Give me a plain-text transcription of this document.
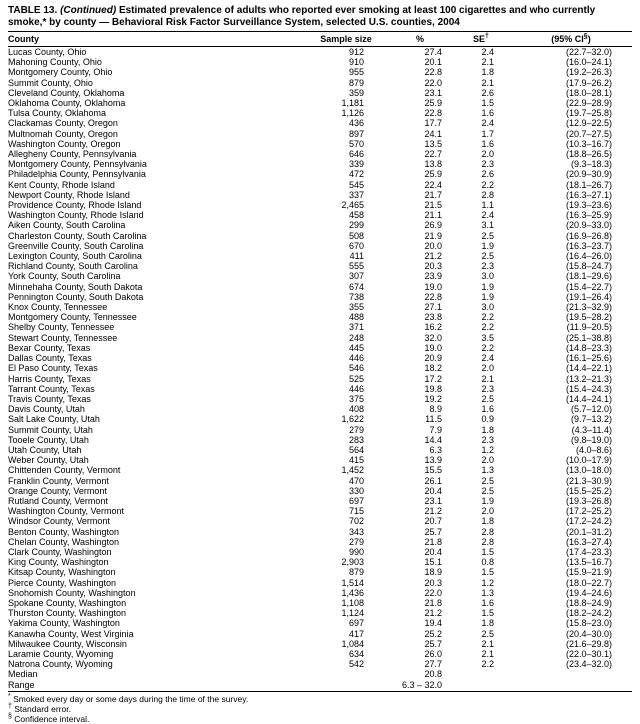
TABLE 13. (Continued) Estimated prevalence of adults who reported ever smoking at least 100 cigarettes and who currently smoke,* by county — Behavioral Risk Factor Surveillance System, selected U.S. counties, 2004
County	Sample size	%	SE†	(95% CI§)
Lucas County, Ohio	912	27.4	2.4	(22.7–32.0)
Mahoning County, Ohio	910	20.1	2.1	(16.0–24.1)
Montgomery County, Ohio	955	22.8	1.8	(19.2–26.3)
Summit County, Ohio	879	22.0	2.1	(17.9–26.2)
Cleveland County, Oklahoma	359	23.1	2.6	(18.0–28.1)
Oklahoma County, Oklahoma	1,181	25.9	1.5	(22.9–28.9)
Tulsa County, Oklahoma	1,126	22.8	1.6	(19.7–25.8)
Clackamas County, Oregon	436	17.7	2.4	(12.9–22.5)
Multnomah County, Oregon	897	24.1	1.7	(20.7–27.5)
Washington County, Oregon	570	13.5	1.6	(10.3–16.7)
Allegheny County, Pennsylvania	646	22.7	2.0	(18.8–26.5)
Montgomery County, Pennsylvania	339	13.8	2.3	(9.3–18.3)
Philadelphia County, Pennsylvania	472	25.9	2.6	(20.9–30.9)
Kent County, Rhode Island	545	22.4	2.2	(18.1–26.7)
Newport County, Rhode Island	337	21.7	2.8	(16.3–27.1)
Providence County, Rhode Island	2,465	21.5	1.1	(19.3–23.6)
Washington County, Rhode Island	458	21.1	2.4	(16.3–25.9)
Aiken County, South Carolina	299	26.9	3.1	(20.9–33.0)
Charleston County, South Carolina	508	21.9	2.5	(16.9–26.8)
Greenville County, South Carolina	670	20.0	1.9	(16.3–23.7)
Lexington County, South Carolina	411	21.2	2.5	(16.4–26.0)
Richland County, South Carolina	555	20.3	2.3	(15.8–24.7)
York County, South Carolina	307	23.9	3.0	(18.1–29.6)
Minnehaha County, South Dakota	674	19.0	1.9	(15.4–22.7)
Pennington County, South Dakota	738	22.8	1.9	(19.1–26.4)
Knox County, Tennessee	355	27.1	3.0	(21.3–32.9)
Montgomery County, Tennessee	488	23.8	2.2	(19.5–28.2)
Shelby County, Tennessee	371	16.2	2.2	(11.9–20.5)
Stewart County, Tennessee	248	32.0	3.5	(25.1–38.8)
Bexar County, Texas	445	19.0	2.2	(14.8–23.3)
Dallas County, Texas	446	20.9	2.4	(16.1–25.6)
El Paso County, Texas	546	18.2	2.0	(14.4–22.1)
Harris County, Texas	525	17.2	2.1	(13.2–21.3)
Tarrant County, Texas	446	19.8	2.3	(15.4–24.3)
Travis County, Texas	375	19.2	2.5	(14.4–24.1)
Davis County, Utah	408	8.9	1.6	(5.7–12.0)
Salt Lake County, Utah	1,622	11.5	0.9	(9.7–13.2)
Summit County, Utah	279	7.9	1.8	(4.3–11.4)
Tooele County, Utah	283	14.4	2.3	(9.8–19.0)
Utah County, Utah	564	6.3	1.2	(4.0–8.6)
Weber County, Utah	415	13.9	2.0	(10.0–17.9)
Chittenden County, Vermont	1,452	15.5	1.3	(13.0–18.0)
Franklin County, Vermont	470	26.1	2.5	(21.3–30.9)
Orange County, Vermont	330	20.4	2.5	(15.5–25.2)
Rutland County, Vermont	697	23.1	1.9	(19.3–26.8)
Washington County, Vermont	715	21.2	2.0	(17.2–25.2)
Windsor County, Vermont	702	20.7	1.8	(17.2–24.2)
Benton County, Washington	343	25.7	2.8	(20.1–31.2)
Chelan County, Washington	279	21.8	2.8	(16.3–27.4)
Clark County, Washington	990	20.4	1.5	(17.4–23.3)
King County, Washington	2,903	15.1	0.8	(13.5–16.7)
Kitsap County, Washington	879	18.9	1.5	(15.9–21.9)
Pierce County, Washington	1,514	20.3	1.2	(18.0–22.7)
Snohomish County, Washington	1,436	22.0	1.3	(19.4–24.6)
Spokane County, Washington	1,108	21.8	1.6	(18.8–24.9)
Thurston County, Washington	1,124	21.2	1.5	(18.2–24.2)
Yakima County, Washington	697	19.4	1.8	(15.8–23.0)
Kanawha County, West Virginia	417	25.2	2.5	(20.4–30.0)
Milwaukee County, Wisconsin	1,084	25.7	2.1	(21.6–29.8)
Laramie County, Wyoming	634	26.0	2.1	(22.0–30.1)
Natrona County, Wyoming	542	27.7	2.2	(23.4–32.0)
Median		20.8		
Range		6.3 – 32.0		
* Smoked every day or some days during the time of the survey.
† Standard error.
§ Confidence interval.
